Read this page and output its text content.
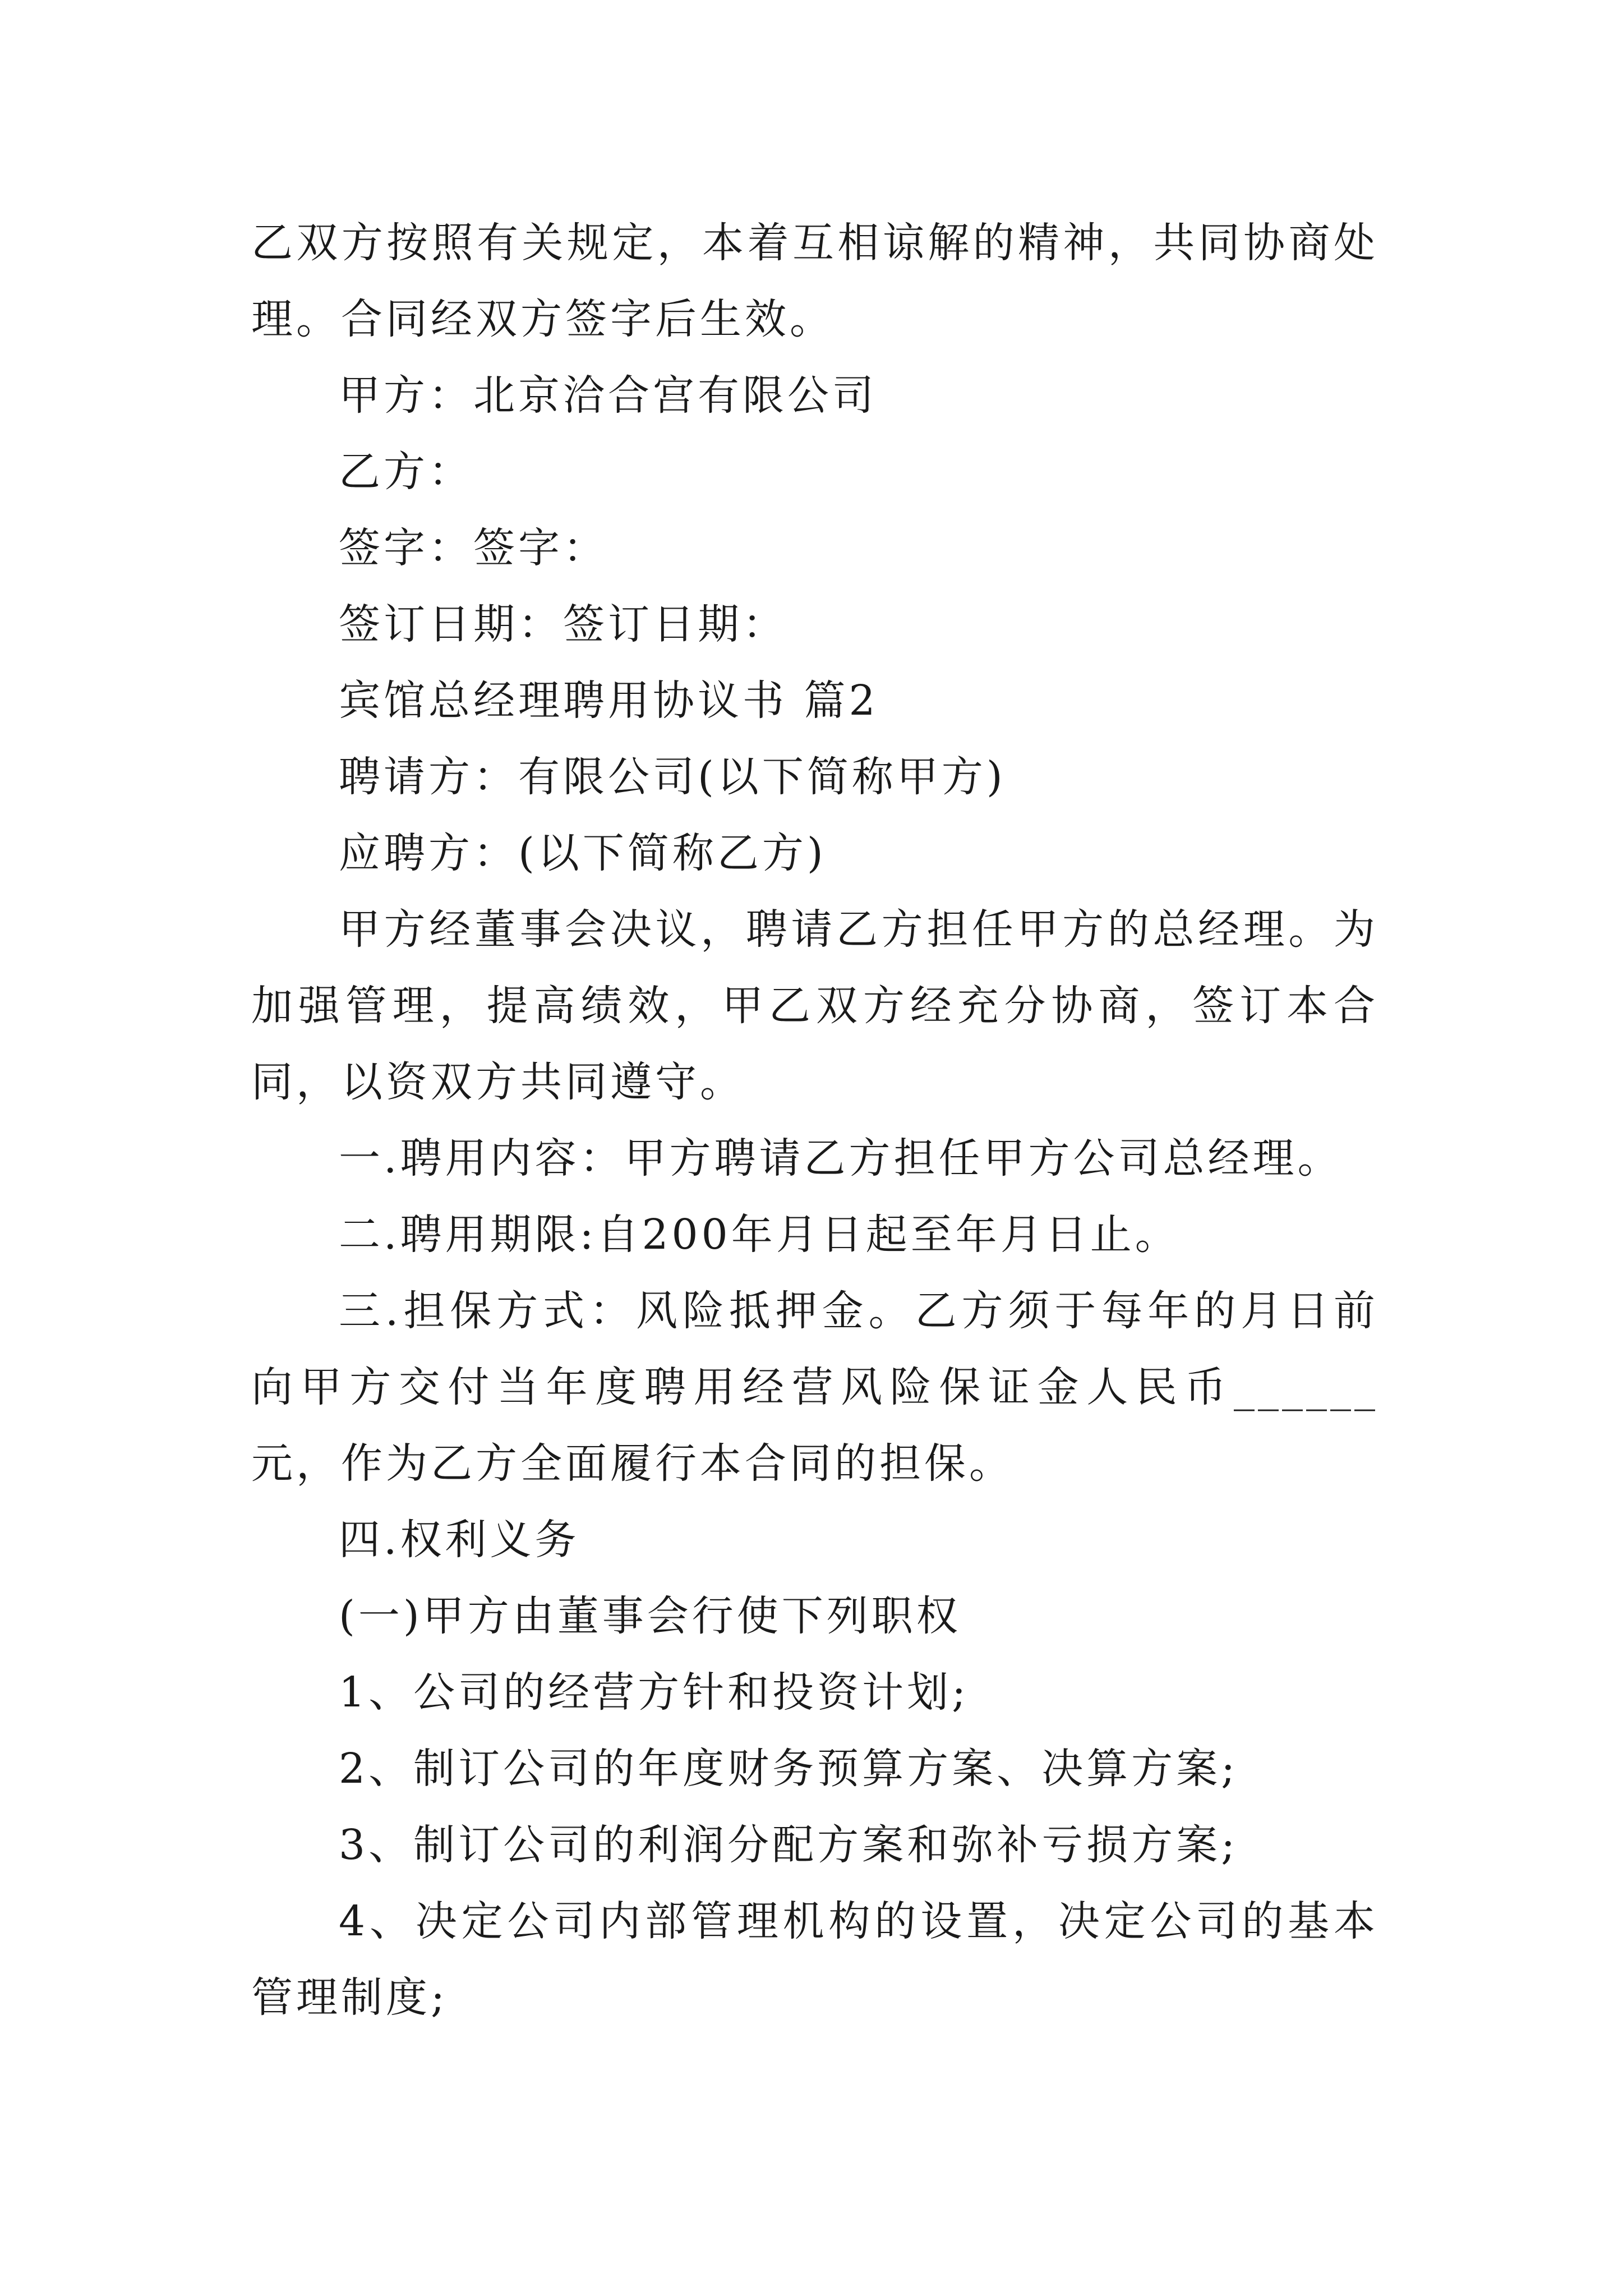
乙双方按照有关规定，本着互相谅解的精神，共同协商处理。合同经双方签字后生效。

甲方：北京洽合宫有限公司

乙方：

签字：签字：

签订日期：签订日期：

宾馆总经理聘用协议书 篇2

聘请方：有限公司(以下简称甲方)

应聘方：(以下简称乙方)

甲方经董事会决议，聘请乙方担任甲方的总经理。为加强管理，提高绩效，甲乙双方经充分协商，签订本合同，以资双方共同遵守。

一.聘用内容：甲方聘请乙方担任甲方公司总经理。

二.聘用期限:自200年月日起至年月日止。

三.担保方式：风险抵押金。乙方须于每年的月日前向甲方交付当年度聘用经营风险保证金人民币______元，作为乙方全面履行本合同的担保。

四.权利义务

(一)甲方由董事会行使下列职权

1、公司的经营方针和投资计划;

2、制订公司的年度财务预算方案、决算方案;

3、制订公司的利润分配方案和弥补亏损方案;

4、决定公司内部管理机构的设置，决定公司的基本管理制度;
